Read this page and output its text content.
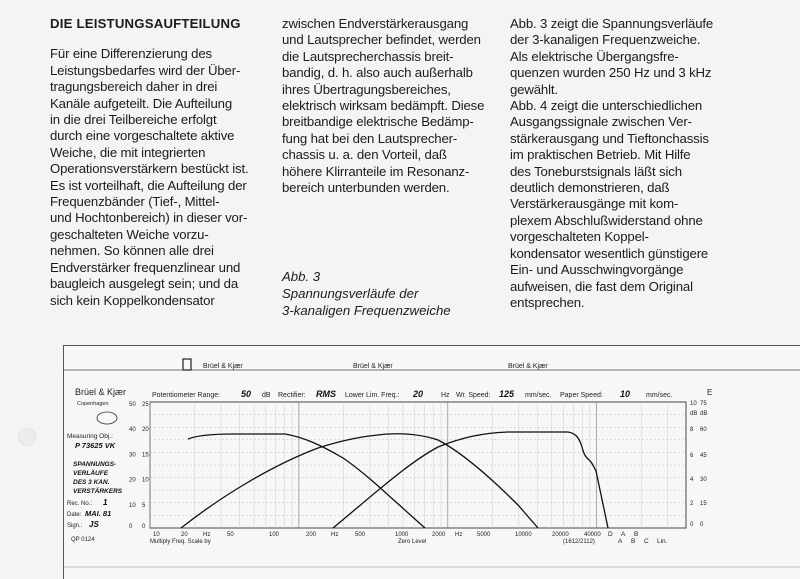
DIE LEISTUNGSAUFTEILUNG

Für eine Differenzierung des
Leistungsbedarfes wird der Über-
tragungsbereich daher in drei
Kanäle aufgeteilt. Die Aufteilung
in die drei Teilbereiche erfolgt
durch eine vorgeschaltete aktive
Weiche, die mit integrierten
Operationsverstärkern bestückt ist.
Es ist vorteilhaft, die Aufteilung der
Frequenzbänder (Tief-, Mittel-
und Hochtonbereich) in dieser vor-
geschalteten Weiche vorzu-
nehmen. So können alle drei
Endverstärker frequenzlinear und
baugleich ausgelegt sein; und da
sich kein Koppelkondensator

zwischen Endverstärkerausgang
und Lautsprecher befindet, werden
die Lautsprecherchassis breit-
bandig, d. h. also auch außerhalb
ihres Übertragungsbereiches,
elektrisch wirksam bedämpft. Diese
breitbandige elektrische Bedämp-
fung hat bei den Lautsprecher-
chassis u. a. den Vorteil, daß
höhere Klirranteile im Resonanz-
bereich unterbunden werden.

Abb. 3
Spannungsverläufe der
3-kanaligen Frequenzweiche

Abb. 3 zeigt die Spannungsverläufe
der 3-kanaligen Frequenzweiche.
Als elektrische Übergangsfre-
quenzen wurden 250 Hz und 3 kHz
gewählt.
Abb. 4 zeigt die unterschiedlichen
Ausgangssignale zwischen Ver-
stärkerausgang und Tieftonchassis
im praktischen Betrieb. Mit Hilfe
des Toneburstsignals läßt sich
deutlich demonstrieren, daß
Verstärkerausgänge mit kom-
plexem Abschlußwiderstand ohne
vorgeschalteten Koppel-
kondensator wesentlich günstigere
Ein- und Ausschwingvorgänge
aufweisen, die fast dem Original
entsprechen.

Brüel & Kjær	Brüel & Kjær	Brüel & Kjær
Brüel & Kjær
Copenhagen
Potentiometer Range: 50 dB Rectifier: RMS Lower Lim. Freq.: 20	Hz Wr. Speed: 125 mm/sec. Paper Speed: 10 mm/sec.	E
Measuring Obj.:
P 73625 VK
SPANNUNGS-
VERLÄUFE
DES 3 KAN.
VERSTÄRKERS
Rec. No.: 1
Date: MAI. 81
Sign.: JS
QP 0124
50 25
40 20
30 15
20 10
10 5
0 0
10 75
dB dB
8 60
6 45
4 30
2 15
0 0
10	20	Hz	50	100	200 Hz	500	1000	2000 Hz 5000	10000	20000	40000
Multiply Freq. Scale by	Zero Level	(1612/2112)
D A B
A B C Lin.
